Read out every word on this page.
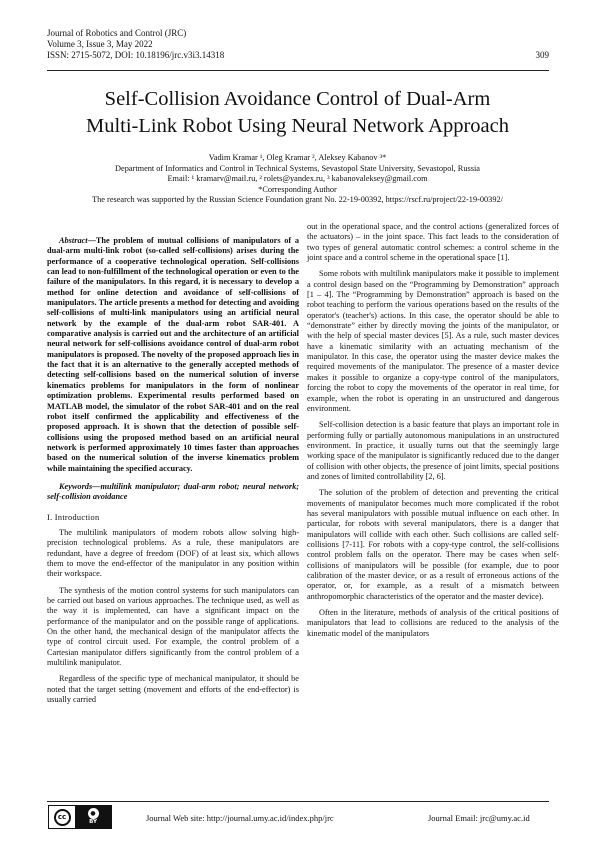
Journal of Robotics and Control (JRC)
Volume 3, Issue 3, May 2022
ISSN: 2715-5072, DOI: 10.18196/jrc.v3i3.14318	309
Self-Collision Avoidance Control of Dual-Arm
Multi-Link Robot Using Neural Network Approach
Vadim Kramar ¹, Oleg Kramar ², Aleksey Kabanov ³*
Department of Informatics and Control in Technical Systems, Sevastopol State University, Sevastopol, Russia
Email: ¹ kramarv@mail.ru, ² rolets@yandex.ru, ³ kabanovaleksey@gmail.com
*Corresponding Author
The research was supported by the Russian Science Foundation grant No. 22-19-00392, https://rscf.ru/project/22-19-00392/

Abstract—The problem of mutual collisions of manipulators of a dual-arm multi-link robot (so-called self-collisions) arises during the performance of a cooperative technological operation. Self-collisions can lead to non-fulfillment of the technological operation or even to the failure of the manipulators. In this regard, it is necessary to develop a method for online detection and avoidance of self-collisions of manipulators. The article presents a method for detecting and avoiding self-collisions of multi-link manipulators using an artificial neural network by the example of the dual-arm robot SAR-401. A comparative analysis is carried out and the architecture of an artificial neural network for self-collisions avoidance control of dual-arm robot manipulators is proposed. The novelty of the proposed approach lies in the fact that it is an alternative to the generally accepted methods of detecting self-collisions based on the numerical solution of inverse kinematics problems for manipulators in the form of nonlinear optimization problems. Experimental results performed based on MATLAB model, the simulator of the robot SAR-401 and on the real robot itself confirmed the applicability and effectiveness of the proposed approach. It is shown that the detection of possible self-collisions using the proposed method based on an artificial neural network is performed approximately 10 times faster than approaches based on the numerical solution of the inverse kinematics problem while maintaining the specified accuracy.

Keywords—multilink manipulator; dual-arm robot; neural network; self-collision avoidance

I. Introduction

The multilink manipulators of modern robots allow solving high-precision technological problems. As a rule, these manipulators are redundant, have a degree of freedom (DOF) of at least six, which allows them to move the end-effector of the manipulator in any position within their workspace.

The synthesis of the motion control systems for such manipulators can be carried out based on various approaches. The technique used, as well as the way it is implemented, can have a significant impact on the performance of the manipulator and on the possible range of applications. On the other hand, the mechanical design of the manipulator affects the type of control circuit used. For example, the control problem of a Cartesian manipulator differs significantly from the control problem of a multilink manipulator.

Regardless of the specific type of mechanical manipulator, it should be noted that the target setting (movement and efforts of the end-effector) is usually carried

out in the operational space, and the control actions (generalized forces of the actuators) – in the joint space. This fact leads to the consideration of two types of general automatic control schemes: a control scheme in the joint space and a control scheme in the operational space [1].

Some robots with multilink manipulators make it possible to implement a control design based on the “Programming by Demonstration” approach [1 – 4]. The “Programming by Demonstration” approach is based on the robot teaching to perform the various operations based on the results of the operator's (teacher's) actions. In this case, the operator should be able to “demonstrate” either by directly moving the joints of the manipulator, or with the help of special master devices [5]. As a rule, such master devices have a kinematic similarity with an actuating mechanism of the manipulator. In this case, the operator using the master device makes the required movements of the manipulator. The presence of a master device makes it possible to organize a copy-type control of the manipulators, forcing the robot to copy the movements of the operator in real time, for example, when the robot is operating in an unstructured and dangerous environment.

Self-collision detection is a basic feature that plays an important role in performing fully or partially autonomous manipulations in an unstructured environment. In practice, it usually turns out that the seemingly large working space of the manipulator is significantly reduced due to the danger of collision with other objects, the presence of joint limits, special positions and zones of limited controllability [2, 6].

The solution of the problem of detection and preventing the critical movements of manipulator becomes much more complicated if the robot has several manipulators with possible mutual influence on each other. In particular, for robots with several manipulators, there is a danger that manipulators will collide with each other. Such collisions are called self-collisions [7-11]. For robots with a copy-type control, the self-collisions control problem falls on the operator. There may be cases when self-collisions of manipulators will be possible (for example, due to poor calibration of the master device, or as a result of erroneous actions of the operator, or, for example, as a result of a mismatch between anthropomorphic characteristics of the operator and the master device).

Often in the literature, methods of analysis of the critical positions of manipulators that lead to collisions are reduced to the analysis of the kinematic model of the manipulators

cc	●
BY	Journal Web site: http://journal.umy.ac.id/index.php/jrc	Journal Email: jrc@umy.ac.id
